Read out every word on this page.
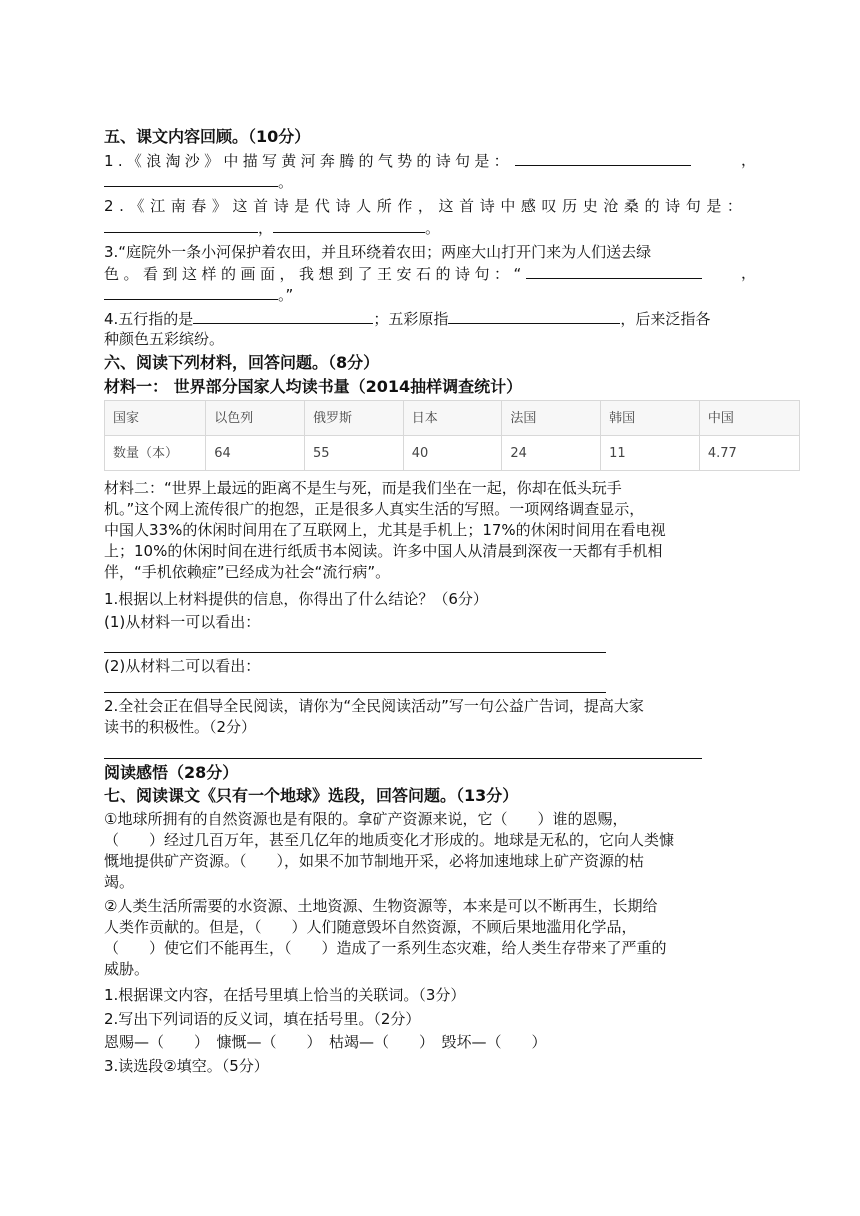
五、课文内容回顾。（10分）
1.《浪淘沙》中描写黄河奔腾的气势的诗句是：	，
。
2.《江南春》这首诗是代诗人所作，这首诗中感叹历史沧桑的诗句是：
，	。
3.“庭院外一条小河保护着农田，并且环绕着农田；两座大山打开门来为人们送去绿
色。看到这样的画面，我想到了王安石的诗句：“	，
。”
4.五行指的是	；五彩原指	，后来泛指各
种颜色五彩缤纷。
六、阅读下列材料，回答问题。（8分）
材料一： 世界部分国家人均读书量（2014抽样调查统计）
国家	以色列	俄罗斯	日本	法国	韩国	中国
数量（本）	64	55	40	24	11	4.77
材料二：“世界上最远的距离不是生与死，而是我们坐在一起，你却在低头玩手
机。”这个网上流传很广的抱怨，正是很多人真实生活的写照。一项网络调查显示，
中国人33%的休闲时间用在了互联网上，尤其是手机上；17%的休闲时间用在看电视
上；10%的休闲时间在进行纸质书本阅读。许多中国人从清晨到深夜一天都有手机相
伴，“手机依赖症”已经成为社会“流行病”。
1.根据以上材料提供的信息，你得出了什么结论？（6分）
(1)从材料一可以看出：
(2)从材料二可以看出：
2.全社会正在倡导全民阅读，请你为“全民阅读活动”写一句公益广告词，提高大家
读书的积极性。（2分）
阅读感悟（28分）
七、阅读课文《只有一个地球》选段，回答问题。（13分）
①地球所拥有的自然资源也是有限的。拿矿产资源来说，它（　　）谁的恩赐，
（　　）经过几百万年，甚至几亿年的地质变化才形成的。地球是无私的，它向人类慷
慨地提供矿产资源。（　　），如果不加节制地开采，必将加速地球上矿产资源的枯
竭。
②人类生活所需要的水资源、土地资源、生物资源等，本来是可以不断再生，长期给
人类作贡献的。但是，（　　）人们随意毁坏自然资源，不顾后果地滥用化学品，
（　　）使它们不能再生，（　　）造成了一系列生态灾难，给人类生存带来了严重的
威胁。
1.根据课文内容，在括号里填上恰当的关联词。（3分）
2.写出下列词语的反义词，填在括号里。（2分）
恩赐—（　　）　慷慨—（　　）　枯竭—（　　）　毁坏—（　　）
3.读选段②填空。（5分）
